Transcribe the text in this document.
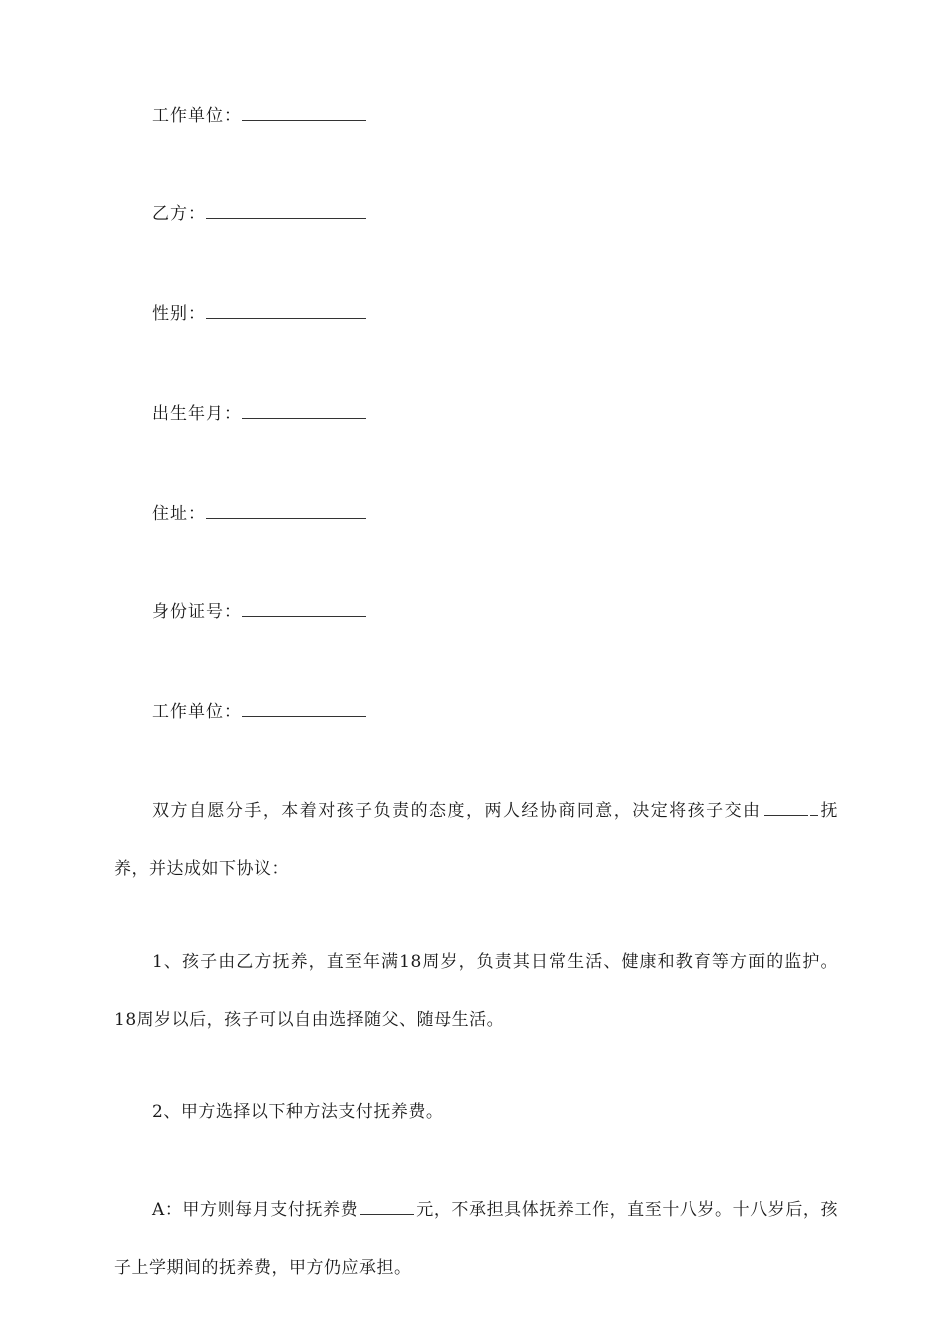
工作单位：
乙方：
性别：
出生年月：
住址：
身份证号：
工作单位：
双方自愿分手，本着对孩子负责的态度，两人经协商同意，决定将孩子交由	抚养，并达成如下协议：
1、孩子由乙方抚养，直至年满18周岁，负责其日常生活、健康和教育等方面的监护。18周岁以后，孩子可以自由选择随父、随母生活。
2、甲方选择以下种方法支付抚养费。
A：甲方则每月支付抚养费	元，不承担具体抚养工作，直至十八岁。十八岁后，孩子上学期间的抚养费，甲方仍应承担。
